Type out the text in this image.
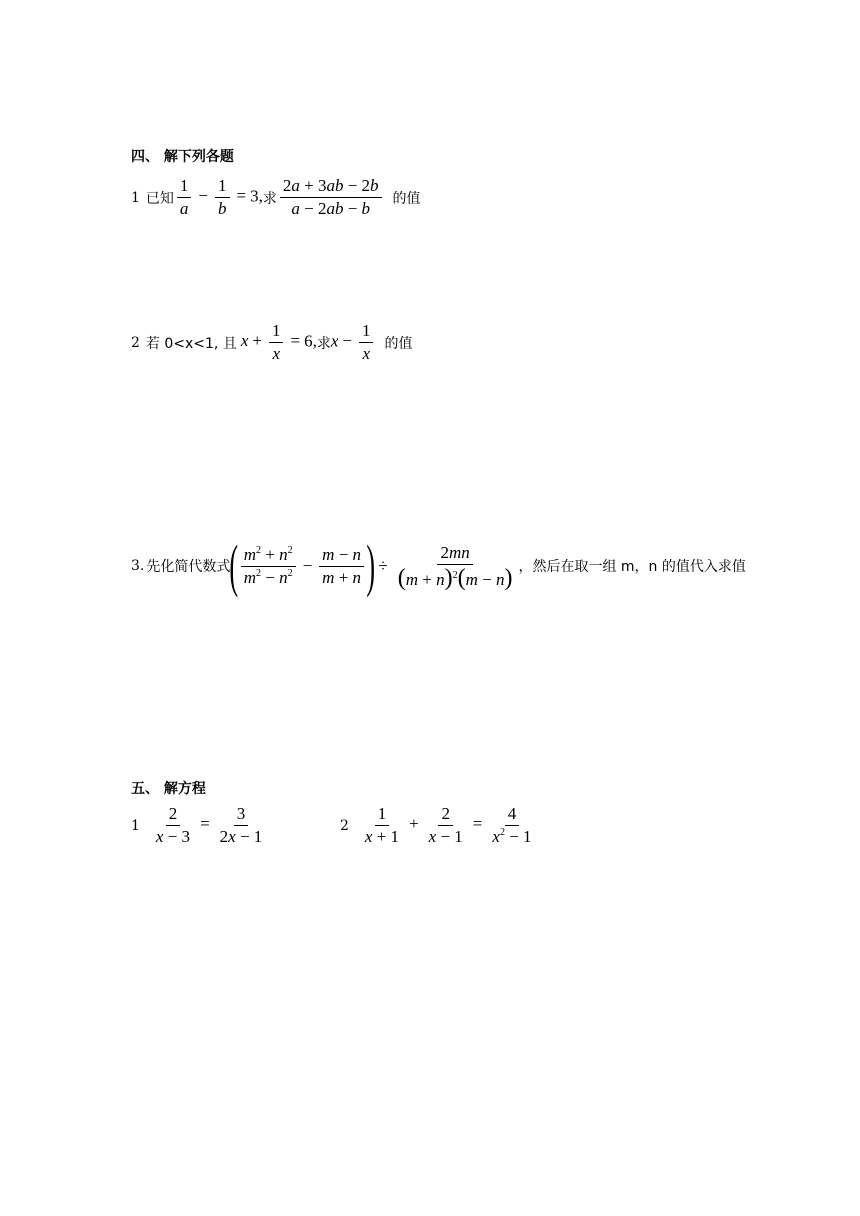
四、 解下列各题
1 已知 $\frac{1}{a} - \frac{1}{b} = 3$, 求 $\frac{2a + 3ab - 2b}{a - 2ab - b}$ 的值
2 若 0<x<1, 且 $x + \frac{1}{x} = 6$, 求 $x - \frac{1}{x}$ 的值
3. 先化简代数式 ( $\frac{m^2 + n^2}{m^2 - n^2} - \frac{m - n}{m + n}$ ) ÷ $\frac{2mn}{(m + n)^2(m - n)}$ ，然后在取一组 m，n 的值代入求值
五、 解方程
$1 \frac{2}{x - 3} = \frac{3}{2x - 1}$	$2 \frac{1}{x + 1} + \frac{2}{x - 1} = \frac{4}{x^2 - 1}$
